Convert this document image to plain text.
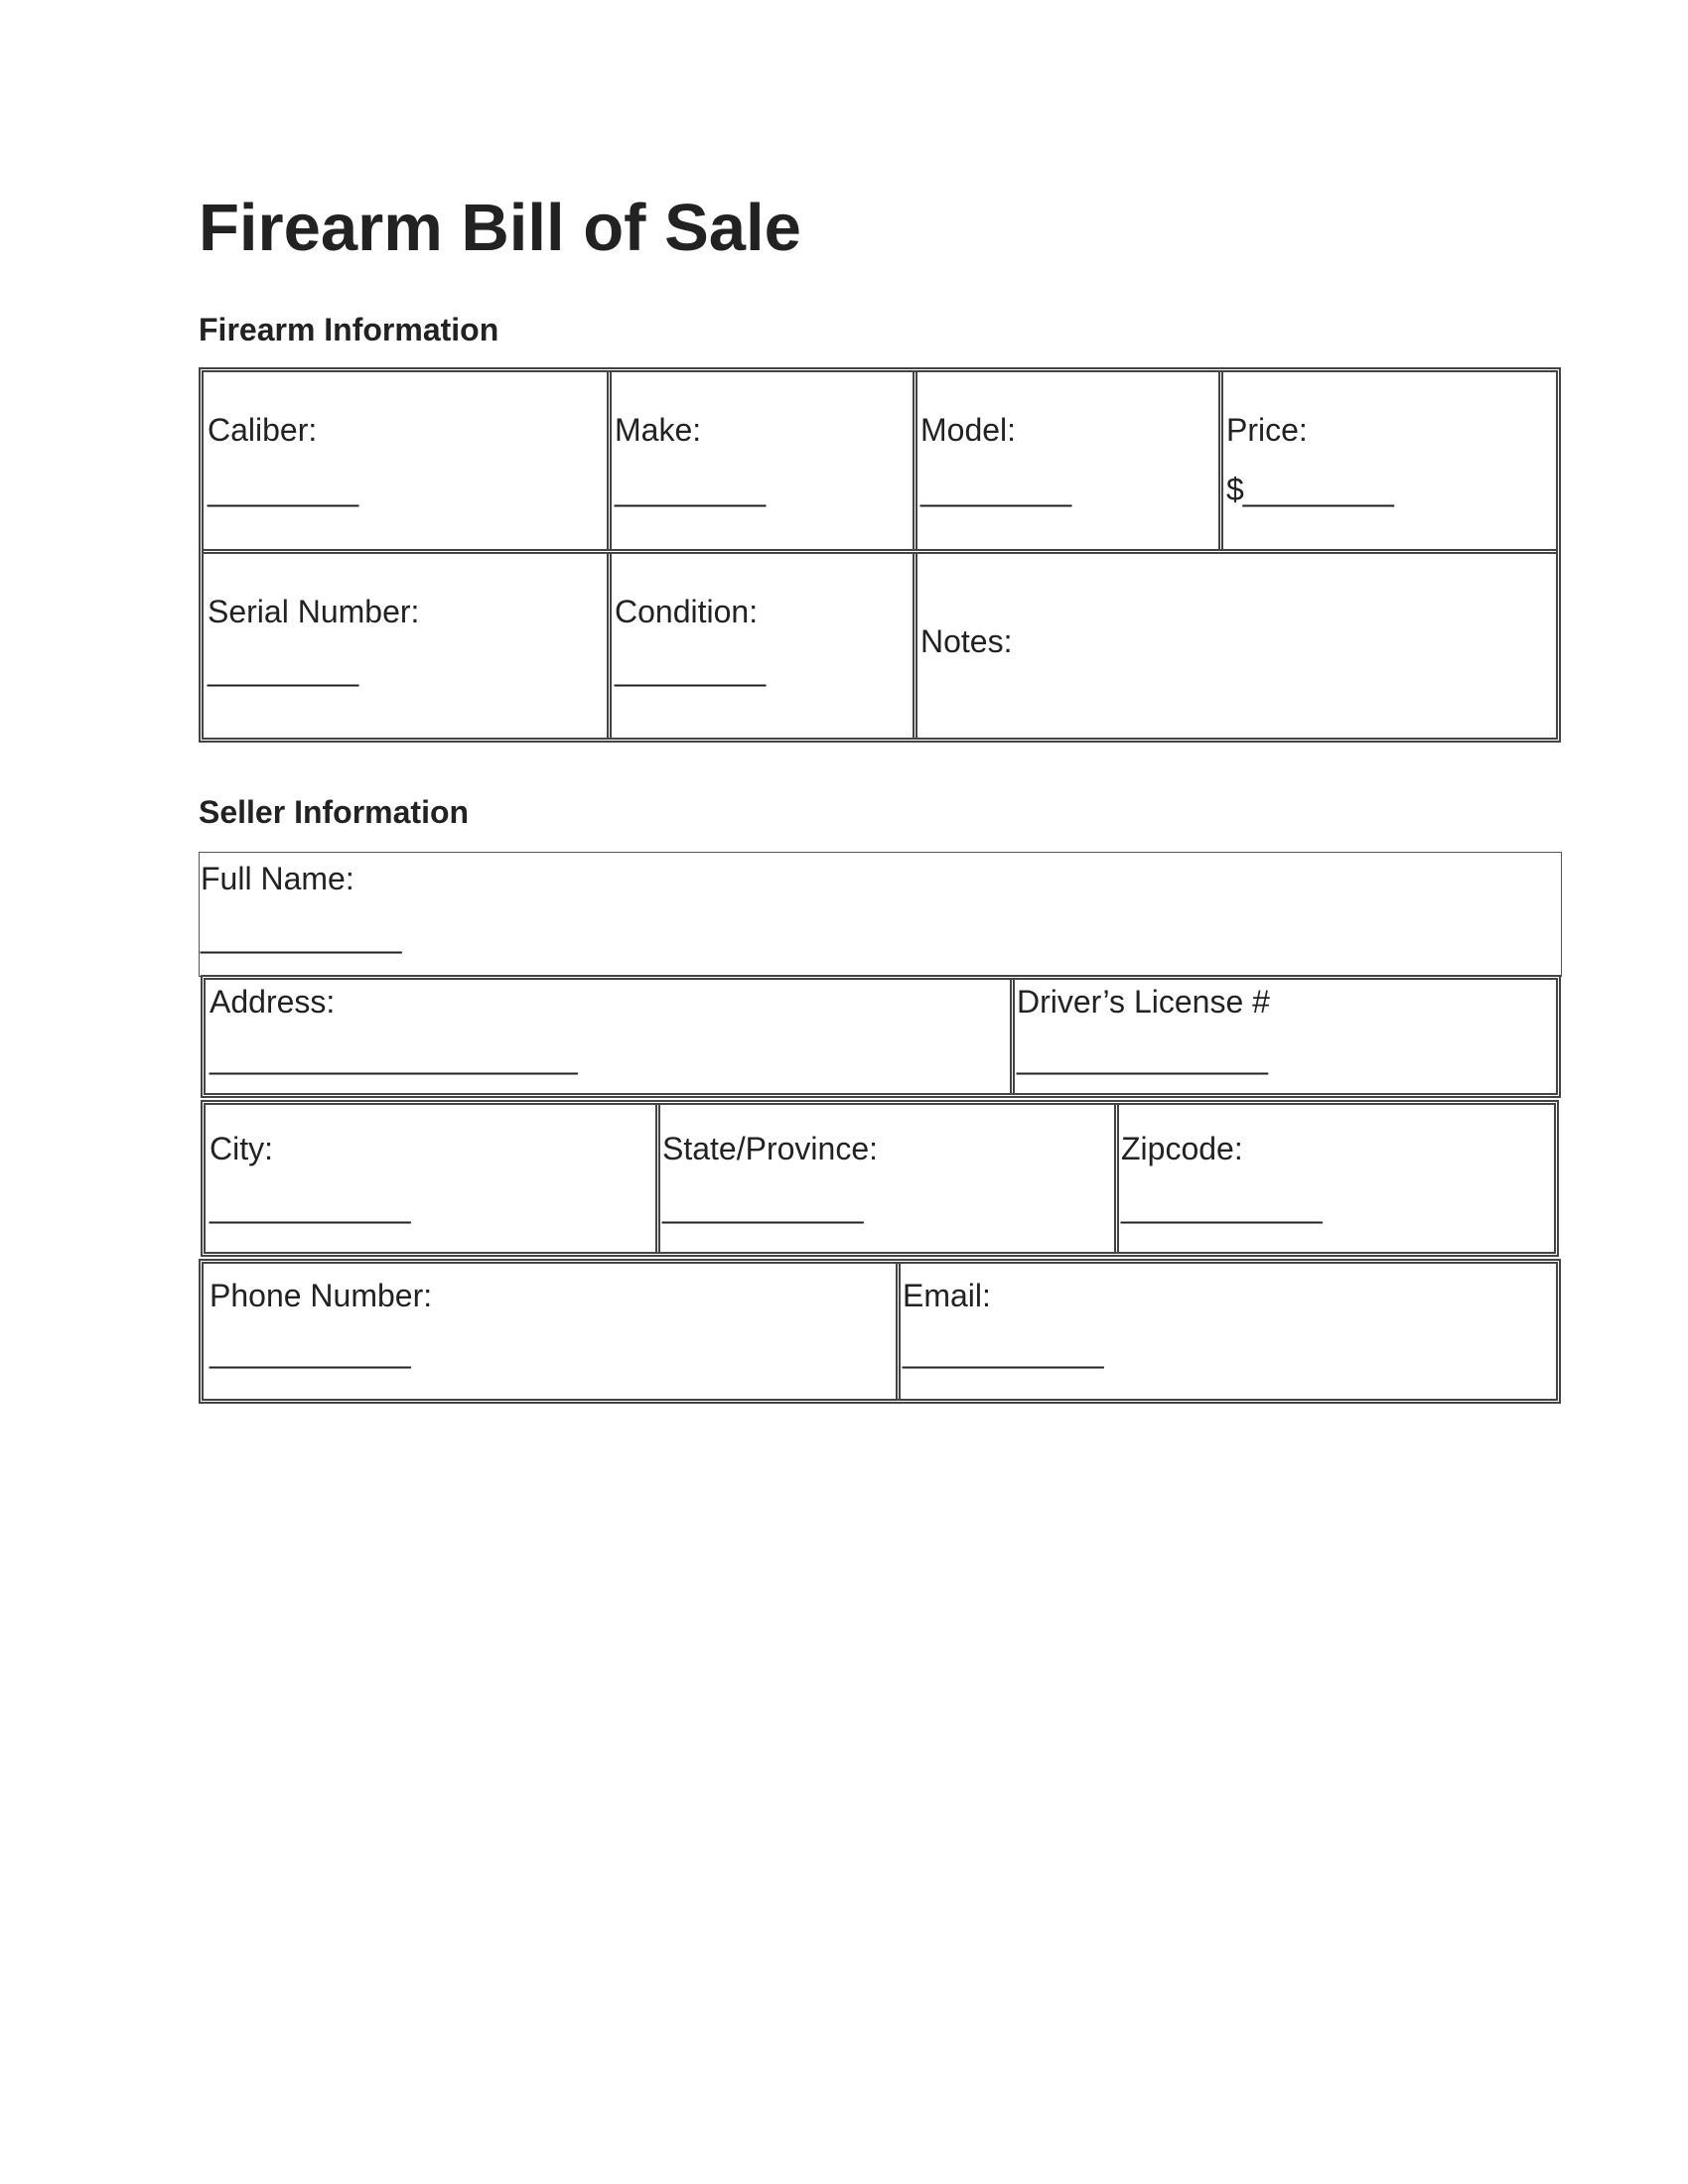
Firearm Bill of Sale
Firearm Information
Caliber:
_________
Make:
_________
Model:
_________
Price:
$_________
Serial Number:
_________
Condition:
_________
Notes:
Seller Information
Full Name:
____________
Address:
______________________
Driver’s License #
_______________
City:
____________
State/Province:
____________
Zipcode:
____________
Phone Number:
____________
Email:
____________
